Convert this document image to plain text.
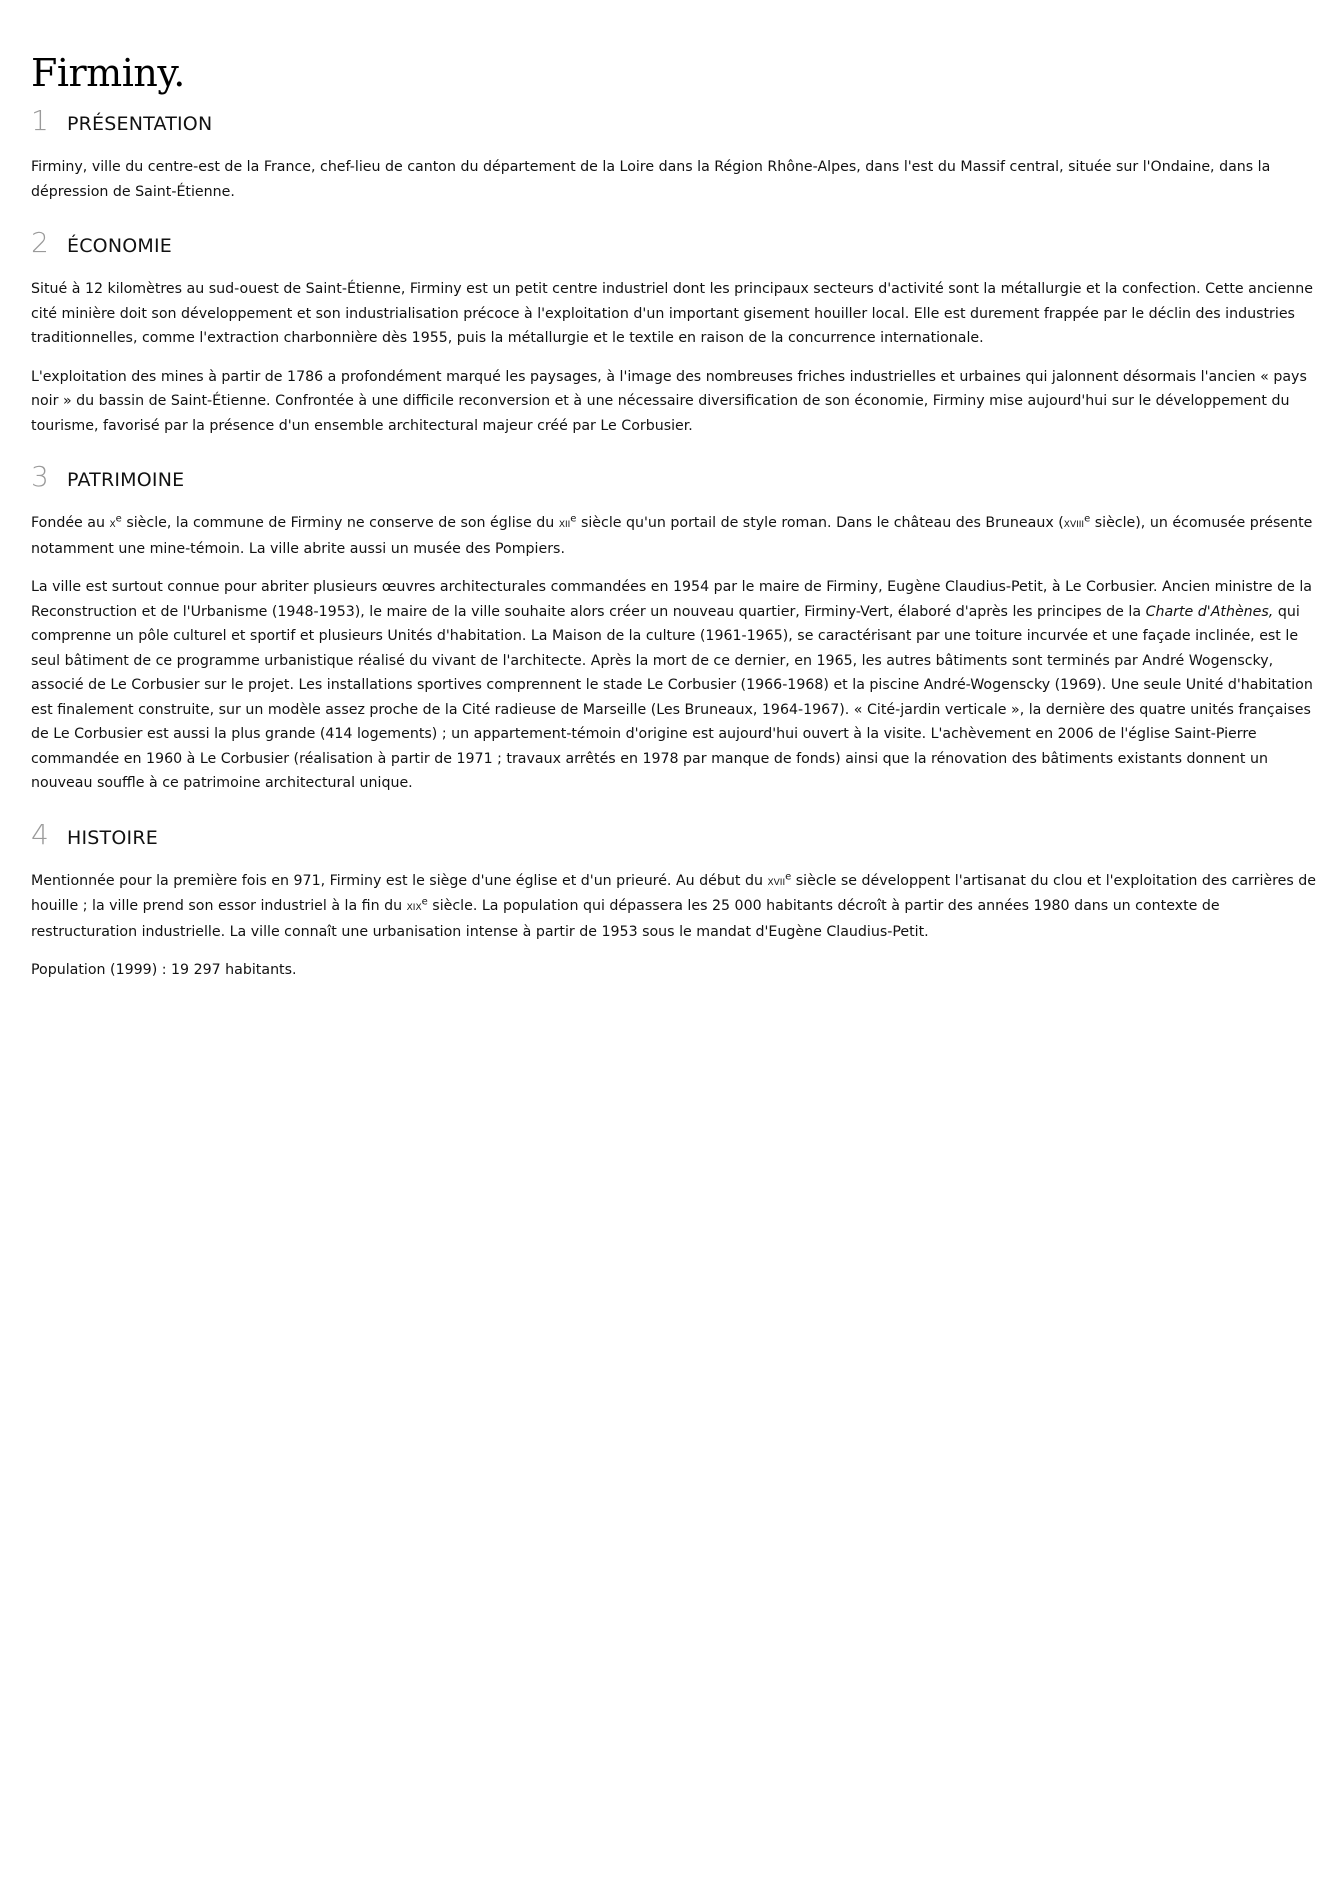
Firminy.
1 PRÉSENTATION

Firminy, ville du centre-est de la France, chef-lieu de canton du département de la Loire dans la Région Rhône-Alpes, dans l'est du Massif central, située sur l'Ondaine, dans la dépression de Saint-Étienne.

2 ÉCONOMIE

Situé à 12 kilomètres au sud-ouest de Saint-Étienne, Firminy est un petit centre industriel dont les principaux secteurs d'activité sont la métallurgie et la confection. Cette ancienne cité minière doit son développement et son industrialisation précoce à l'exploitation d'un important gisement houiller local. Elle est durement frappée par le déclin des industries traditionnelles, comme l'extraction charbonnière dès 1955, puis la métallurgie et le textile en raison de la concurrence internationale.

L'exploitation des mines à partir de 1786 a profondément marqué les paysages, à l'image des nombreuses friches industrielles et urbaines qui jalonnent désormais l'ancien « pays noir » du bassin de Saint-Étienne. Confrontée à une difficile reconversion et à une nécessaire diversification de son économie, Firminy mise aujourd'hui sur le développement du tourisme, favorisé par la présence d'un ensemble architectural majeur créé par Le Corbusier.

3 PATRIMOINE

Fondée au $x^e$ siècle, la commune de Firminy ne conserve de son église du xii$^e$ siècle qu'un portail de style roman. Dans le château des Bruneaux (xviii$^e$ siècle), un écomusée présente notamment une mine-témoin. La ville abrite aussi un musée des Pompiers.

La ville est surtout connue pour abriter plusieurs œuvres architecturales commandées en 1954 par le maire de Firminy, Eugène Claudius-Petit, à Le Corbusier. Ancien ministre de la Reconstruction et de l'Urbanisme (1948-1953), le maire de la ville souhaite alors créer un nouveau quartier, Firminy-Vert, élaboré d'après les principes de la Charte d'Athènes, qui comprenne un pôle culturel et sportif et plusieurs Unités d'habitation. La Maison de la culture (1961-1965), se caractérisant par une toiture incurvée et une façade inclinée, est le seul bâtiment de ce programme urbanistique réalisé du vivant de l'architecte. Après la mort de ce dernier, en 1965, les autres bâtiments sont terminés par André Wogenscky, associé de Le Corbusier sur le projet. Les installations sportives comprennent le stade Le Corbusier (1966-1968) et la piscine André-Wogenscky (1969). Une seule Unité d'habitation est finalement construite, sur un modèle assez proche de la Cité radieuse de Marseille (Les Bruneaux, 1964-1967). « Cité-jardin verticale », la dernière des quatre unités françaises de Le Corbusier est aussi la plus grande (414 logements) ; un appartement-témoin d'origine est aujourd'hui ouvert à la visite. L'achèvement en 2006 de l'église Saint-Pierre commandée en 1960 à Le Corbusier (réalisation à partir de 1971 ; travaux arrêtés en 1978 par manque de fonds) ainsi que la rénovation des bâtiments existants donnent un nouveau souffle à ce patrimoine architectural unique.

4 HISTOIRE

Mentionnée pour la première fois en 971, Firminy est le siège d'une église et d'un prieuré. Au début du xvii$^e$ siècle se développent l'artisanat du clou et l'exploitation des carrières de houille ; la ville prend son essor industriel à la fin du xix$^e$ siècle. La population qui dépassera les 25 000 habitants décroît à partir des années 1980 dans un contexte de restructuration industrielle. La ville connaît une urbanisation intense à partir de 1953 sous le mandat d'Eugène Claudius-Petit.

Population (1999) : 19 297 habitants.
